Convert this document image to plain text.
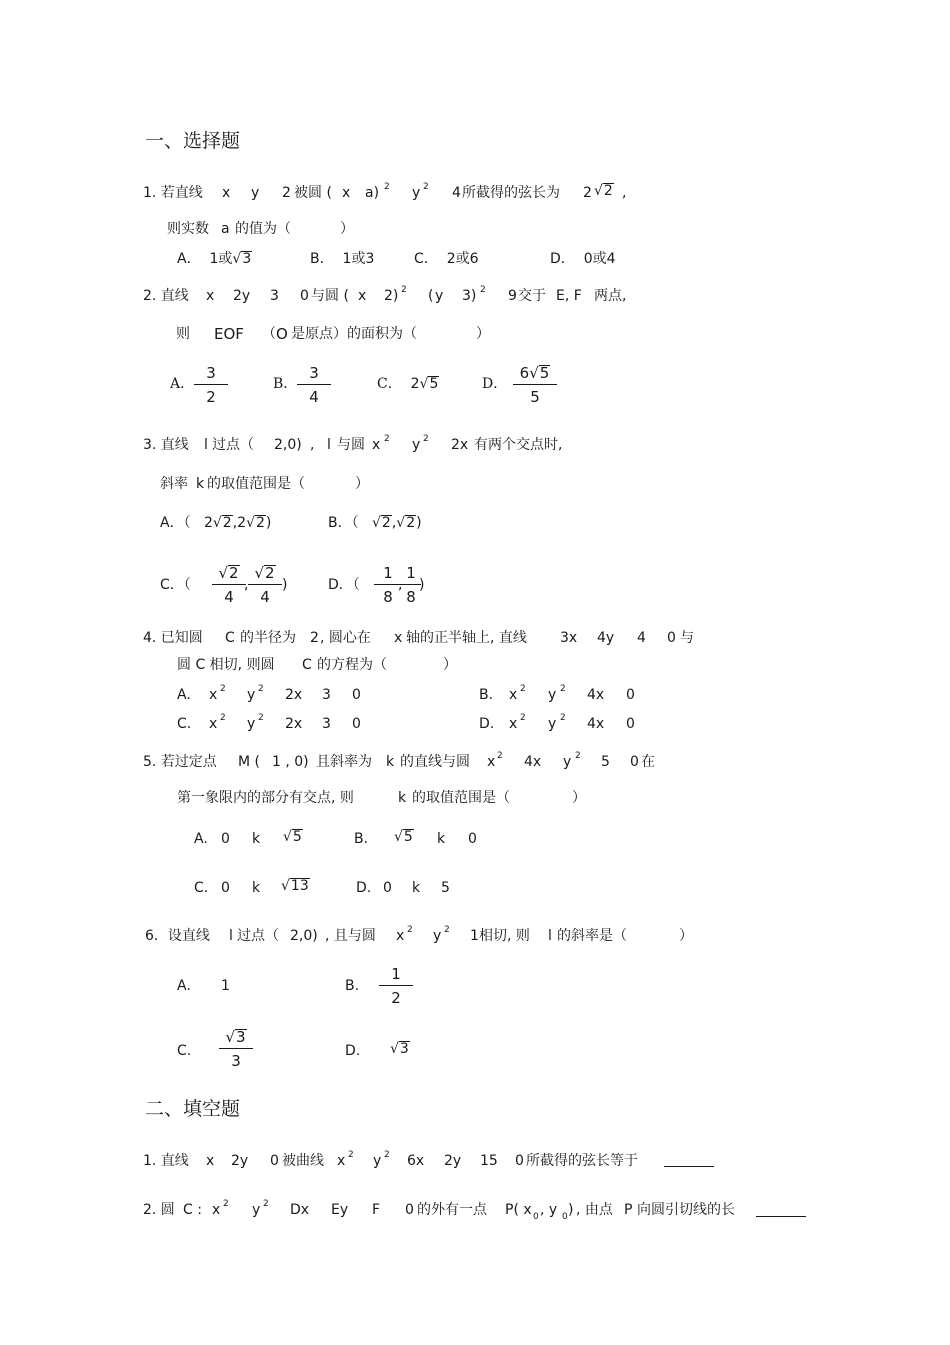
一、选择题
1. 若直线 x y 2 被圆 ( x a) 2 y 2 4 所截得的弦长为 2 √2 ,
则实数 a 的值为（	）
A． 1或√3	B． 1或3	C． 2或6	D． 0或4
2. 直线 x 2y 3 0 与圆 ( x 2) 2 ( y 3) 2 9 交于 E, F 两点,
则 EOF （ O 是原点）的面积为（	）
A． $\frac{3}{2}$	B． $\frac{3}{4}$	C． 2√5	D． $\frac{6√5}{5}$
3. 直线 l 过点（ 2,0) , l 与圆 x 2 y 2 2x 有两个交点时,
斜率 k 的取值范围是（	）
A．（ 2√2,2√2)	B．（   √2,√2)
C．（ $\frac{√2}{4}$
, $\frac{√2}{4}$ )	D．（ $\frac{1}{8}$
,
$\frac{1}{8}$
)
4. 已知圆 C 的半径为 2 , 圆心在 x 轴的正半轴上, 直线 3x 4y 4 0 与
圆 C 相切, 则圆 C 的方程为（	）
A. x 2 y 2 2x 3 0	B. x 2 y 2 4x 0
C. x 2 y 2 2x 3 0	D. x 2 y 2 4x 0
5. 若过定点 M ( 1 , 0) 且斜率为 k 的直线与圆 x 2 4x y 2 5 0 在
第一象限内的部分有交点, 则	k 的取值范围是（	）
A. 0 k √5	B. √5 k 0
C. 0 k √13	D. 0 k 5
6．设直线 l 过点（ 2,0) , 且与圆 x 2 y 2 1 相切, 则 l 的斜率是（	）
A. 1	B. $\frac{1}{2}$
C. $\frac{√3}{3}$	D. √3
二、填空题
1. 直线 x 2y 0 被曲线 x 2 y 2 6x 2y 15 0 所截得的弦长等于
2. 圆 C : x 2 y 2 Dx Ey F 0 的外有一点 P( x 0 , y 0 ) , 由点 P 向圆引切线的长
